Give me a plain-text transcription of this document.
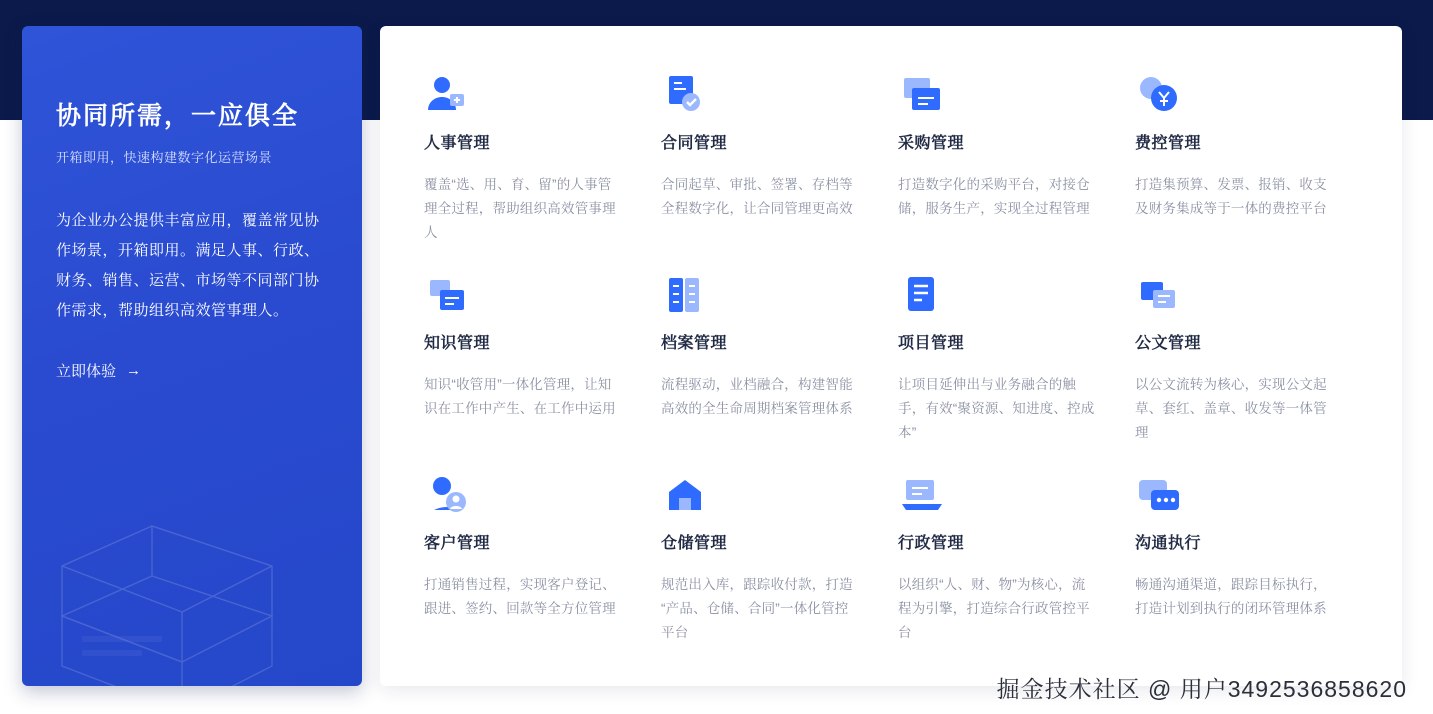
协同所需，一应俱全
开箱即用，快速构建数字化运营场景
为企业办公提供丰富应用，覆盖常见协作场景，开箱即用。满足人事、行政、财务、销售、运营、市场等不同部门协作需求，帮助组织高效管事理人。
立即体验 →
人事管理
覆盖“选、用、育、留”的人事管理全过程，帮助组织高效管事理人
合同管理
合同起草、审批、签署、存档等全程数字化，让合同管理更高效
采购管理
打造数字化的采购平台，对接仓储，服务生产，实现全过程管理
费控管理
打造集预算、发票、报销、收支及财务集成等于一体的费控平台
知识管理
知识“收管用”一体化管理，让知识在工作中产生、在工作中运用
档案管理
流程驱动，业档融合，构建智能高效的全生命周期档案管理体系
项目管理
让项目延伸出与业务融合的触手，有效“聚资源、知进度、控成本”
公文管理
以公文流转为核心，实现公文起草、套红、盖章、收发等一体管理
客户管理
打通销售过程，实现客户登记、跟进、签约、回款等全方位管理
仓储管理
规范出入库，跟踪收付款，打造“产品、仓储、合同”一体化管控平台
行政管理
以组织“人、财、物”为核心，流程为引擎，打造综合行政管控平台
沟通执行
畅通沟通渠道，跟踪目标执行，打造计划到执行的闭环管理体系
掘金技术社区 @ 用户3492536858620
